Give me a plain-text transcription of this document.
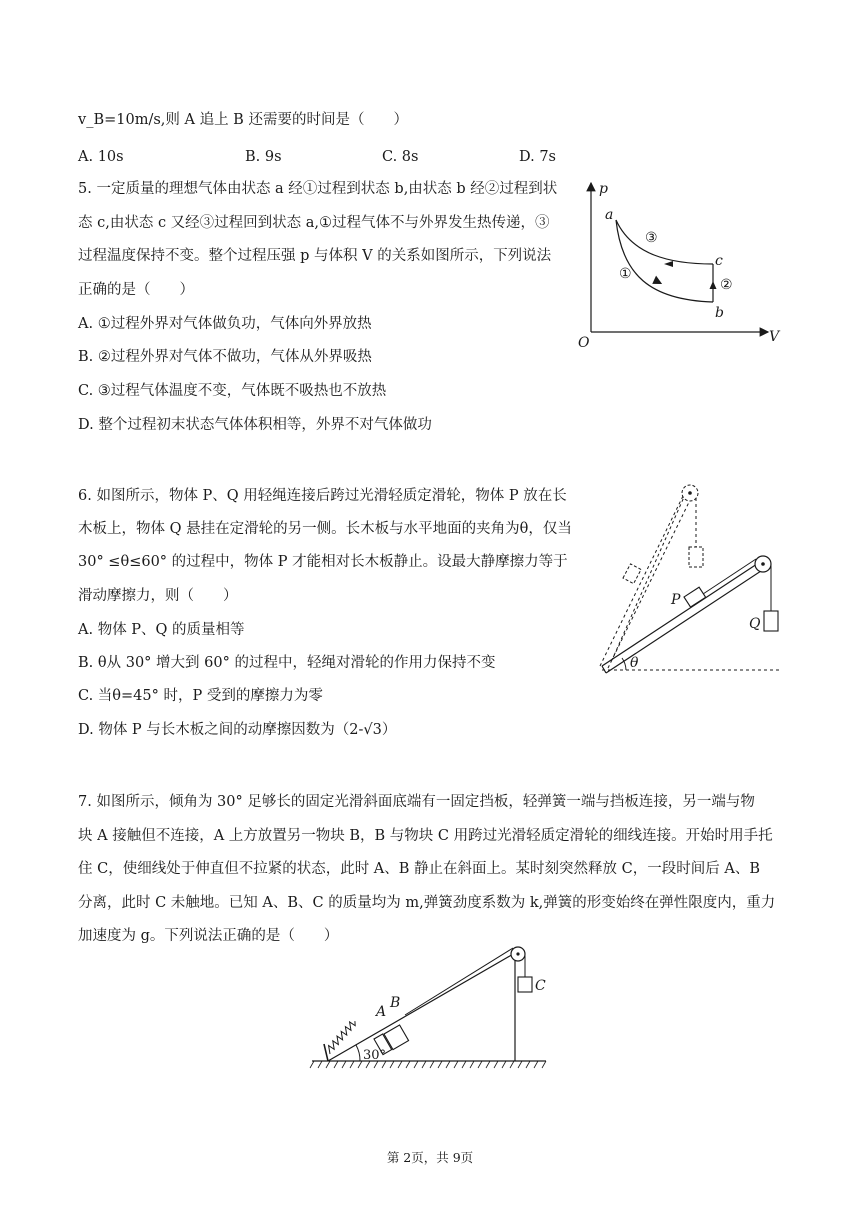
v_B=10m/s,则 A 追上 B 还需要的时间是（　　）
A. 10s	B. 9s	C. 8s	D. 7s
5. 一定质量的理想气体由状态 a 经①过程到状态 b,由状态 b 经②过程到状
态 c,由状态 c 又经③过程回到状态 a,①过程气体不与外界发生热传递，③
过程温度保持不变。整个过程压强 p 与体积 V 的关系如图所示，下列说法
正确的是（　　）
A. ①过程外界对气体做负功，气体向外界放热
B. ②过程外界对气体不做功，气体从外界吸热
C. ③过程气体温度不变，气体既不吸热也不放热
D. 整个过程初末状态气体体积相等，外界不对气体做功
p
V
O
a
b
c
①
②
③
6. 如图所示，物体 P、Q 用轻绳连接后跨过光滑轻质定滑轮，物体 P 放在长
木板上，物体 Q 悬挂在定滑轮的另一侧。长木板与水平地面的夹角为θ，仅当
30° ≤θ≤60° 的过程中，物体 P 才能相对长木板静止。设最大静摩擦力等于
滑动摩擦力，则（　　）
A. 物体 P、Q 的质量相等
B. θ从 30° 增大到 60° 的过程中，轻绳对滑轮的作用力保持不变
C. 当θ=45° 时，P 受到的摩擦力为零
D. 物体 P 与长木板之间的动摩擦因数为（2-√3）
θ
P
Q
7. 如图所示，倾角为 30° 足够长的固定光滑斜面底端有一固定挡板，轻弹簧一端与挡板连接，另一端与物
块 A 接触但不连接，A 上方放置另一物块 B，B 与物块 C 用跨过光滑轻质定滑轮的细线连接。开始时用手托
住 C，使细线处于伸直但不拉紧的状态，此时 A、B 静止在斜面上。某时刻突然释放 C，一段时间后 A、B
分离，此时 C 未触地。已知 A、B、C 的质量均为 m,弹簧劲度系数为 k,弹簧的形变始终在弹性限度内，重力
加速度为 g。下列说法正确的是（　　）
30°
A
B
C
第 2页，共 9页
